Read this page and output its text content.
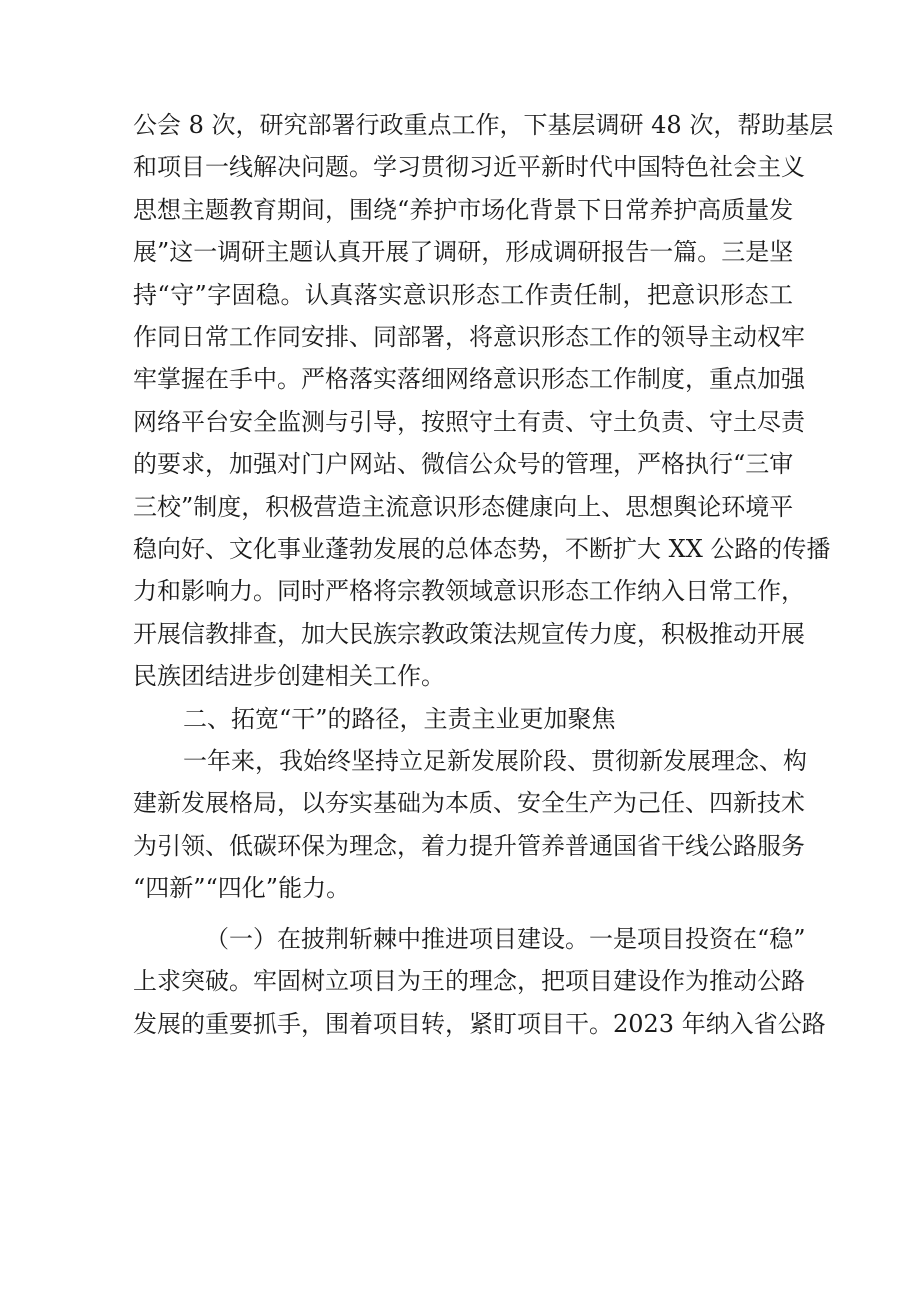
公会 8 次，研究部署行政重点工作，下基层调研 48 次，帮助基层
和项目一线解决问题。学习贯彻习近平新时代中国特色社会主义
思想主题教育期间，围绕“养护市场化背景下日常养护高质量发
展”这一调研主题认真开展了调研，形成调研报告一篇。三是坚
持“守”字固稳。认真落实意识形态工作责任制，把意识形态工
作同日常工作同安排、同部署，将意识形态工作的领导主动权牢
牢掌握在手中。严格落实落细网络意识形态工作制度，重点加强
网络平台安全监测与引导，按照守土有责、守土负责、守土尽责
的要求，加强对门户网站、微信公众号的管理，严格执行“三审
三校”制度，积极营造主流意识形态健康向上、思想舆论环境平
稳向好、文化事业蓬勃发展的总体态势，不断扩大 XX 公路的传播
力和影响力。同时严格将宗教领域意识形态工作纳入日常工作，
开展信教排查，加大民族宗教政策法规宣传力度，积极推动开展
民族团结进步创建相关工作。
二、拓宽“干”的路径，主责主业更加聚焦
一年来，我始终坚持立足新发展阶段、贯彻新发展理念、构
建新发展格局，以夯实基础为本质、安全生产为己任、四新技术
为引领、低碳环保为理念，着力提升管养普通国省干线公路服务
“四新”“四化”能力。
（一）在披荆斩棘中推进项目建设。一是项目投资在“稳”
上求突破。牢固树立项目为王的理念，把项目建设作为推动公路
发展的重要抓手，围着项目转，紧盯项目干。2023 年纳入省公路
